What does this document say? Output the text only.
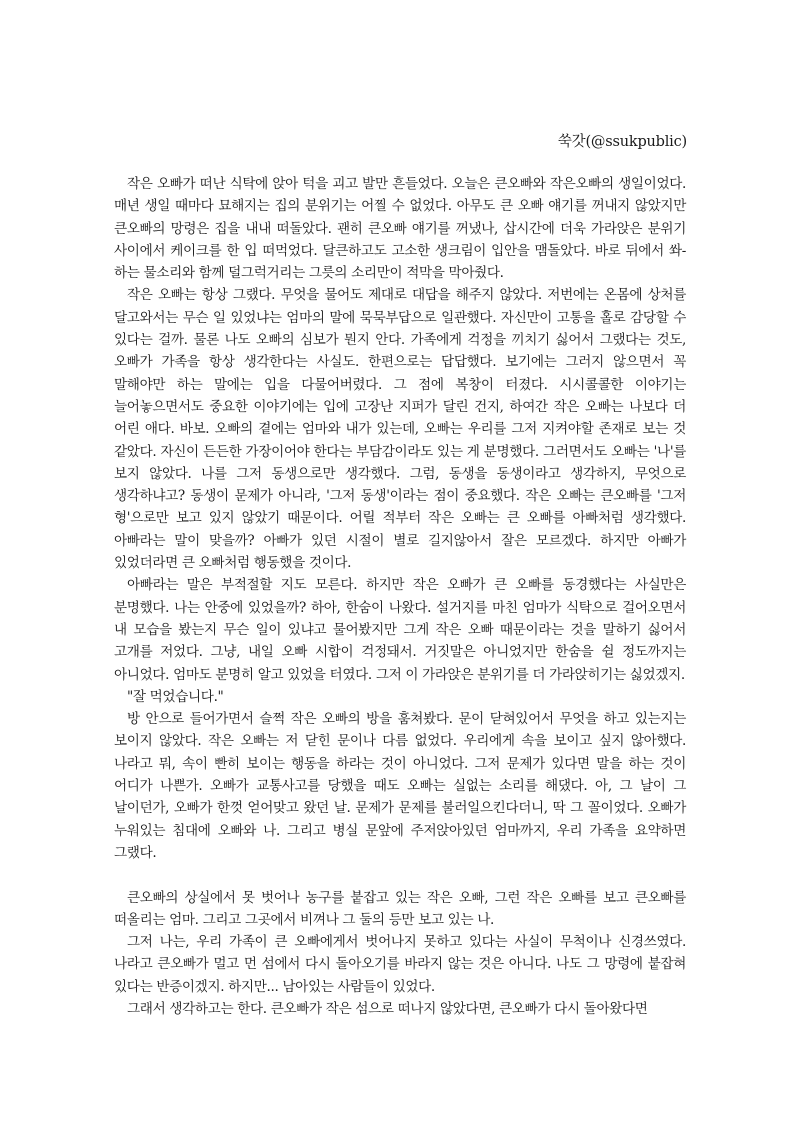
쑥갓(@ssukpublic)

작은 오빠가 떠난 식탁에 앉아 턱을 괴고 발만 흔들었다. 오늘은 큰오빠와 작은오빠의 생일이었다. 매년 생일 때마다 묘해지는 집의 분위기는 어찔 수 없었다. 아무도 큰 오빠 얘기를 꺼내지 않았지만 큰오빠의 망령은 집을 내내 떠돌았다. 괜히 큰오빠 얘기를 꺼냈나, 삽시간에 더욱 가라앉은 분위기 사이에서 케이크를 한 입 떠먹었다. 달큰하고도 고소한 생크림이 입안을 맴돌았다. 바로 뒤에서 쏴-하는 물소리와 함께 덜그럭거리는 그릇의 소리만이 적막을 막아줬다.

작은 오빠는 항상 그랬다. 무엇을 물어도 제대로 대답을 해주지 않았다. 저번에는 온몸에 상처를 달고와서는 무슨 일 있었냐는 엄마의 말에 묵묵부답으로 일관했다. 자신만이 고통을 홀로 감당할 수 있다는 걸까. 물론 나도 오빠의 심보가 뭔지 안다. 가족에게 걱정을 끼치기 싫어서 그랬다는 것도, 오빠가 가족을 항상 생각한다는 사실도. 한편으로는 답답했다. 보기에는 그러지 않으면서 꼭 말해야만 하는 말에는 입을 다물어버렸다. 그 점에 복창이 터졌다. 시시콜콜한 이야기는 늘어놓으면서도 중요한 이야기에는 입에 고장난 지퍼가 달린 건지, 하여간 작은 오빠는 나보다 더 어린 애다. 바보. 오빠의 곁에는 엄마와 내가 있는데, 오빠는 우리를 그저 지켜야할 존재로 보는 것 같았다. 자신이 든든한 가장이어야 한다는 부담감이라도 있는 게 분명했다. 그러면서도 오빠는 '나'를 보지 않았다. 나를 그저 동생으로만 생각했다. 그럼, 동생을 동생이라고 생각하지, 무엇으로 생각하냐고? 동생이 문제가 아니라, '그저 동생'이라는 점이 중요했다. 작은 오빠는 큰오빠를 '그저 형'으로만 보고 있지 않았기 때문이다. 어릴 적부터 작은 오빠는 큰 오빠를 아빠처럼 생각했다. 아빠라는 말이 맞을까? 아빠가 있던 시절이 별로 길지않아서 잘은 모르겠다. 하지만 아빠가 있었더라면 큰 오빠처럼 행동했을 것이다.

아빠라는 말은 부적절할 지도 모른다. 하지만 작은 오빠가 큰 오빠를 동경했다는 사실만은 분명했다. 나는 안중에 있었을까? 하아, 한숨이 나왔다. 설거지를 마친 엄마가 식탁으로 걸어오면서 내 모습을 봤는지 무슨 일이 있냐고 물어봤지만 그게 작은 오빠 때문이라는 것을 말하기 싫어서 고개를 저었다. 그냥, 내일 오빠 시합이 걱정돼서. 거짓말은 아니었지만 한숨을 쉴 정도까지는 아니었다. 엄마도 분명히 알고 있었을 터였다. 그저 이 가라앉은 분위기를 더 가라앉히기는 싫었겠지.

"잘 먹었습니다."

방 안으로 들어가면서 슬쩍 작은 오빠의 방을 훔쳐봤다. 문이 닫혀있어서 무엇을 하고 있는지는 보이지 않았다. 작은 오빠는 저 닫힌 문이나 다름 없었다. 우리에게 속을 보이고 싶지 않아했다. 나라고 뭐, 속이 빤히 보이는 행동을 하라는 것이 아니었다. 그저 문제가 있다면 말을 하는 것이 어디가 나쁜가. 오빠가 교통사고를 당했을 때도 오빠는 실없는 소리를 해댔다. 아, 그 날이 그 날이던가, 오빠가 한껏 얻어맞고 왔던 날. 문제가 문제를 불러일으킨다더니, 딱 그 꼴이었다. 오빠가 누워있는 침대에 오빠와 나. 그리고 병실 문앞에 주저앉아있던 엄마까지, 우리 가족을 요약하면 그랬다.

큰오빠의 상실에서 못 벗어나 농구를 붙잡고 있는 작은 오빠, 그런 작은 오빠를 보고 큰오빠를 떠올리는 엄마. 그리고 그곳에서 비껴나 그 둘의 등만 보고 있는 나.

그저 나는, 우리 가족이 큰 오빠에게서 벗어나지 못하고 있다는 사실이 무척이나 신경쓰였다. 나라고 큰오빠가 멀고 먼 섬에서 다시 돌아오기를 바라지 않는 것은 아니다. 나도 그 망령에 붙잡혀 있다는 반증이겠지. 하지만... 남아있는 사람들이 있었다.

그래서 생각하고는 한다. 큰오빠가 작은 섬으로 떠나지 않았다면, 큰오빠가 다시 돌아왔다면
